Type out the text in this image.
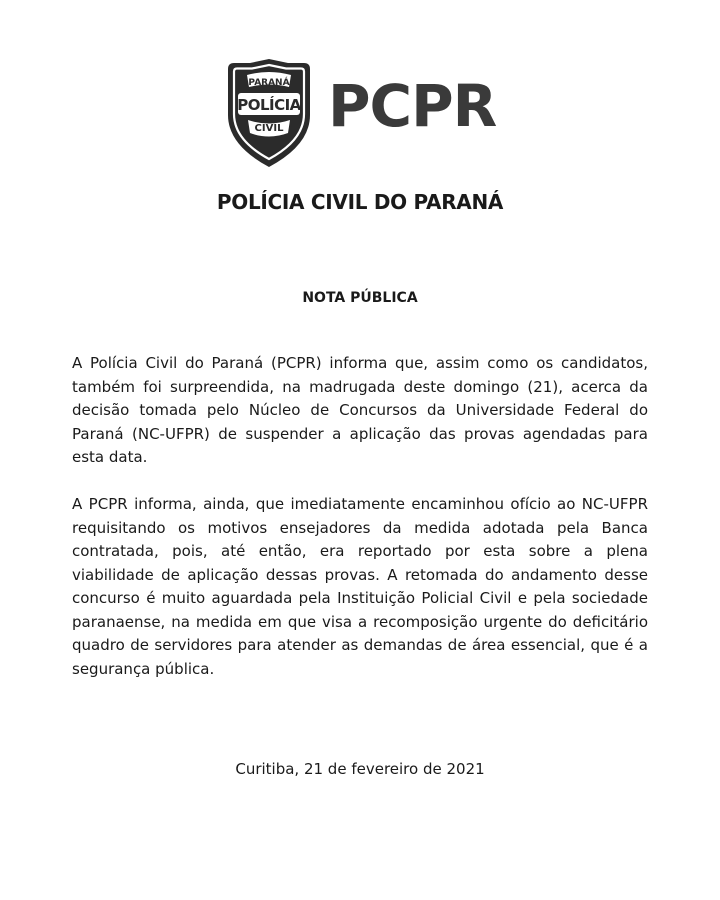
PARANÁ
POLÍCIA
CIVIL PCPR
POLÍCIA CIVIL DO PARANÁ
NOTA PÚBLICA

A Polícia Civil do Paraná (PCPR) informa que, assim como os candidatos, também foi surpreendida, na madrugada deste domingo (21), acerca da decisão tomada pelo Núcleo de Concursos da Universidade Federal do Paraná (NC-UFPR) de suspender a aplicação das provas agendadas para esta data.

A PCPR informa, ainda, que imediatamente encaminhou ofício ao NC-UFPR requisitando os motivos ensejadores da medida adotada pela Banca contratada, pois, até então, era reportado por esta sobre a plena viabilidade de aplicação dessas provas. A retomada do andamento desse concurso é muito aguardada pela Instituição Policial Civil e pela sociedade paranaense, na medida em que visa a recomposição urgente do deficitário quadro de servidores para atender as demandas de área essencial, que é a segurança pública.

Curitiba, 21 de fevereiro de 2021
